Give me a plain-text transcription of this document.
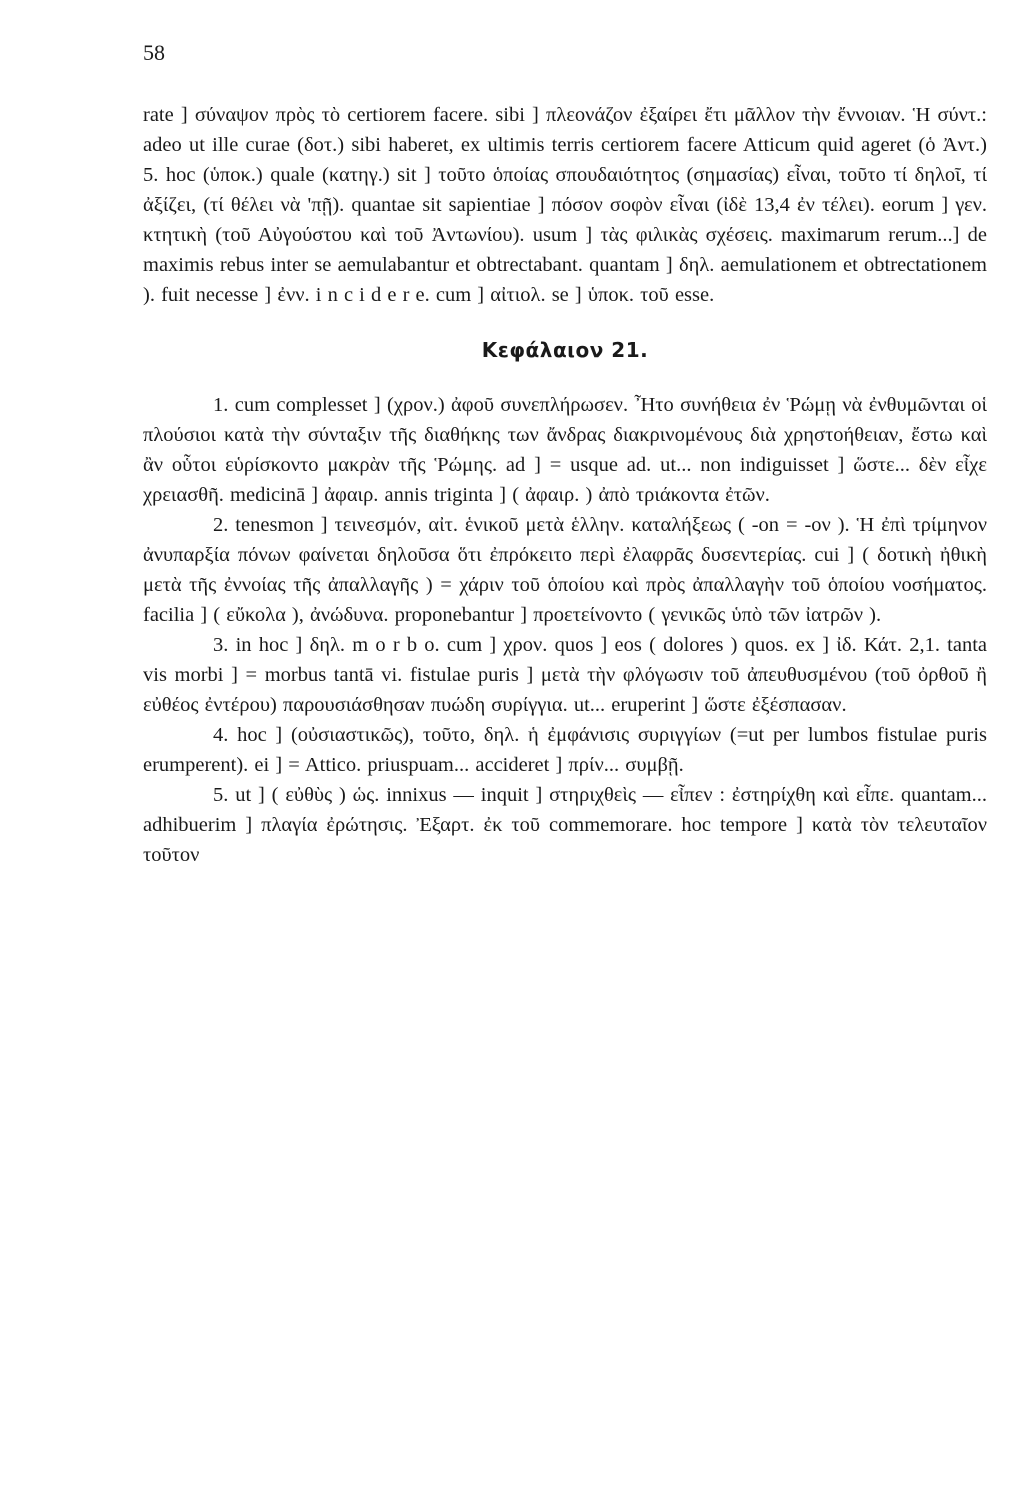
58

rate ] σύναψον πρὸς τὸ certiorem facere. sibi ] πλεονάζον ἐξαίρει ἔτι μᾶλλον τὴν ἔννοιαν. Ἡ σύντ.: adeo ut ille curae (δοτ.) sibi haberet, ex ultimis terris certiorem facere Atticum quid ageret (ὁ Ἀντ.) 5. hoc (ὑποκ.) quale (κατηγ.) sit ] τοῦτο ὁποίας σπουδαιότητος (σημασίας) εἶναι, τοῦτο τί δηλοῖ, τί ἀξίζει, (τί θέλει νὰ 'πῇ). quantae sit sapientiae ] πόσον σοφὸν εἶναι (ἰδὲ 13,4 ἐν τέλει). eorum ] γεν. κτητικὴ (τοῦ Αὐγούστου καὶ τοῦ Ἀντωνίου). usum ] τὰς φιλικὰς σχέσεις. maximarum rerum...] de maximis rebus inter se aemulabantur et obtrectabant. quantam ] δηλ. aemulationem et obtrectationem ). fuit necesse ] ἐνν. i n c i d e r e. cum ] αἰτιολ. se ] ὑποκ. τοῦ esse.

Κεφάλαιον 21.

1. cum complesset ] (χρον.) ἀφοῦ συνεπλήρωσεν. Ἦτο συνήθεια ἐν Ῥώμῃ νὰ ἐνθυμῶνται οἱ πλούσιοι κατὰ τὴν σύνταξιν τῆς διαθήκης των ἄνδρας διακρινομένους διὰ χρηστοήθειαν, ἔστω καὶ ἂν οὗτοι εὑρίσκοντο μακρὰν τῆς Ῥώμης. ad ] = usque ad. ut... non indiguisset ] ὥστε... δὲν εἶχε χρειασθῆ. medicinā ] ἀφαιρ. annis triginta ] ( ἀφαιρ. ) ἀπὸ τριάκοντα ἐτῶν.

2. tenesmon ] τεινεσμόν, αἰτ. ἑνικοῦ μετὰ ἑλλην. καταλήξεως ( -on = -ον ). Ἡ ἐπὶ τρίμηνον ἀνυπαρξία πόνων φαίνεται δηλοῦσα ὅτι ἐπρόκειτο περὶ ἐλαφρᾶς δυσεντερίας. cui ] ( δοτικὴ ἠθικὴ μετὰ τῆς ἐννοίας τῆς ἀπαλλαγῆς ) = χάριν τοῦ ὁποίου καὶ πρὸς ἀπαλλαγὴν τοῦ ὁποίου νοσήματος. facilia ] ( εὔκολα ), ἀνώδυνα. proponebantur ] προετείνοντο ( γενικῶς ὑπὸ τῶν ἰατρῶν ).

3. in hoc ] δηλ. m o r b o. cum ] χρον. quos ] eos ( dolores ) quos. ex ] ἰδ. Κάτ. 2,1. tanta vis morbi ] = morbus tantā vi. fistulae puris ] μετὰ τὴν φλόγωσιν τοῦ ἀπευθυσμένου (τοῦ ὀρθοῦ ἢ εὐθέος ἐντέρου) παρουσιάσθησαν πυώδη συρίγγια. ut... eruperint ] ὥστε ἐξέσπασαν.

4. hoc ] (οὐσιαστικῶς), τοῦτο, δηλ. ἡ ἐμφάνισις συριγγίων (=ut per lumbos fistulae puris erumperent). ei ] = Attico. priuspuam... accideret ] πρίν... συμβῇ.

5. ut ] ( εὐθὺς ) ὡς. innixus — inquit ] στηριχθεὶς — εἶπεν : ἐστηρίχθη καὶ εἶπε. quantam... adhibuerim ] πλαγία ἐρώτησις. Ἐξαρτ. ἐκ τοῦ commemorare. hoc tempore ] κατὰ τὸν τελευταῖον τοῦτον
